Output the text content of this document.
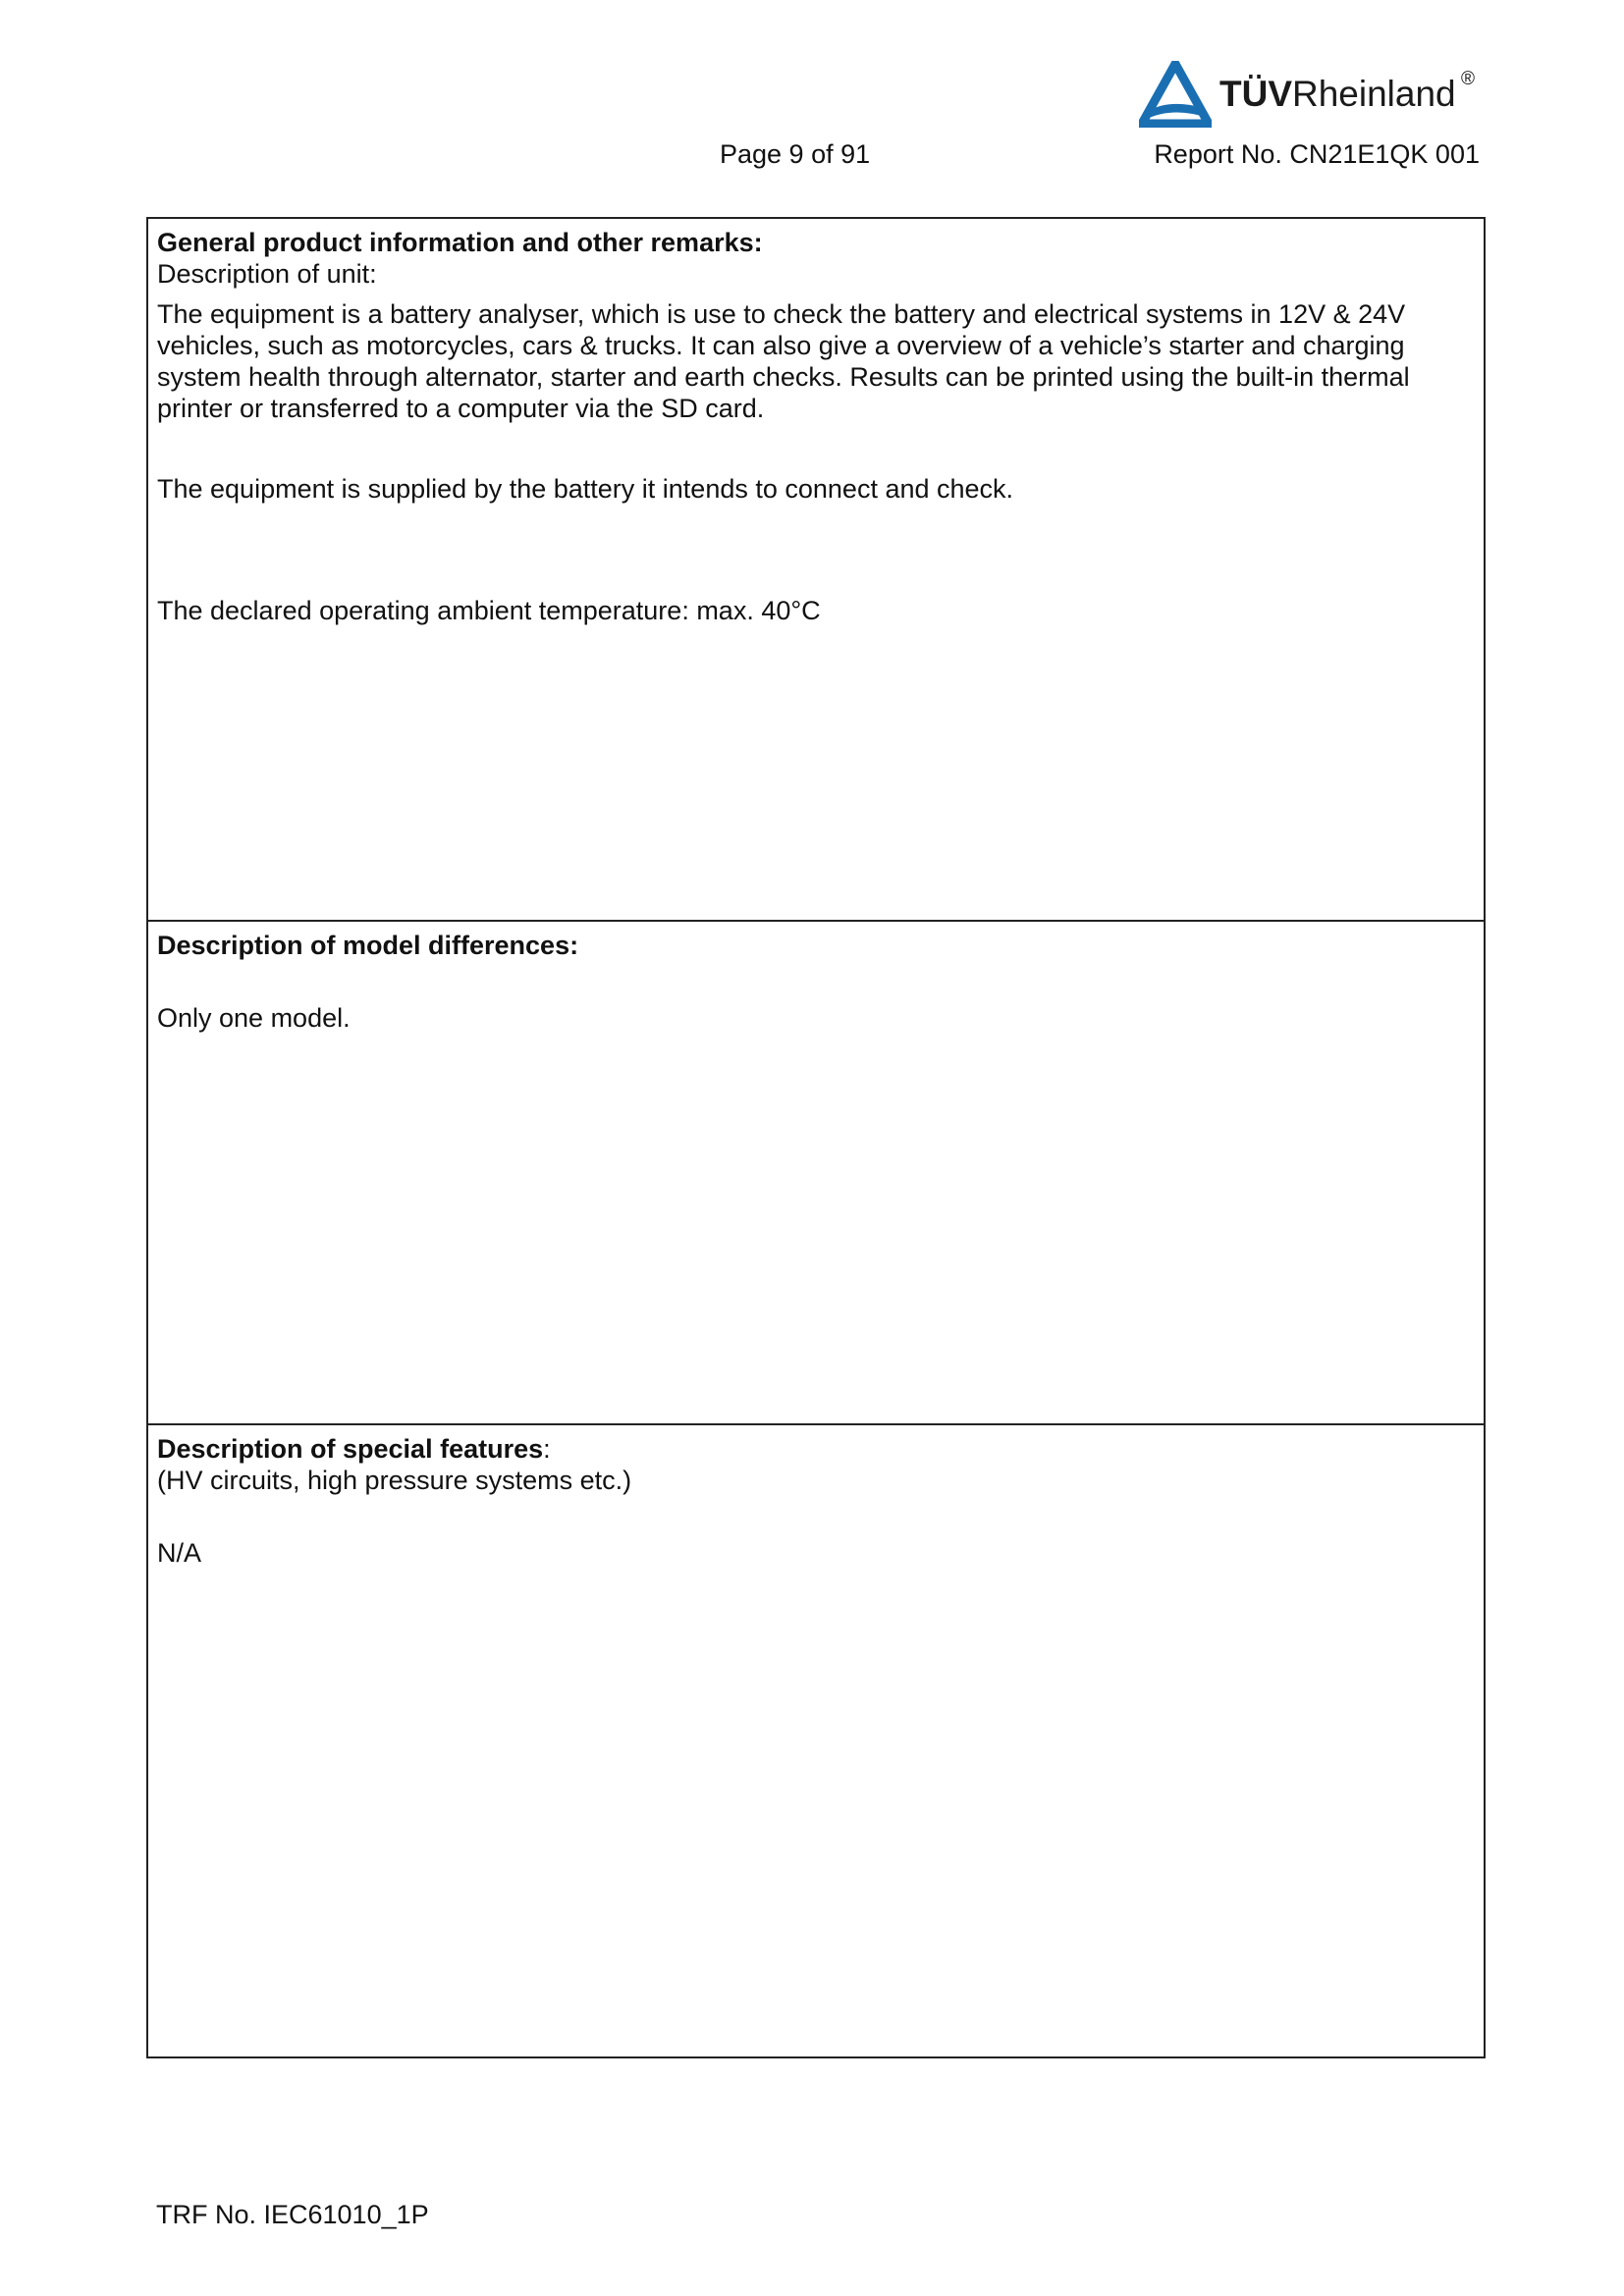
TÜVRheinland ®
Page 9 of 91	Report No. CN21E1QK 001
General product information and other remarks:
Description of unit:

The equipment is a battery analyser, which is use to check the battery and electrical systems in 12V & 24V vehicles, such as motorcycles, cars & trucks. It can also give a overview of a vehicle’s starter and charging system health through alternator, starter and earth checks. Results can be printed using the built-in thermal printer or transferred to a computer via the SD card.

The equipment is supplied by the battery it intends to connect and check.

The declared operating ambient temperature: max. 40°C

Description of model differences:

Only one model.

Description of special features:
(HV circuits, high pressure systems etc.)

N/A

TRF No. IEC61010_1P
